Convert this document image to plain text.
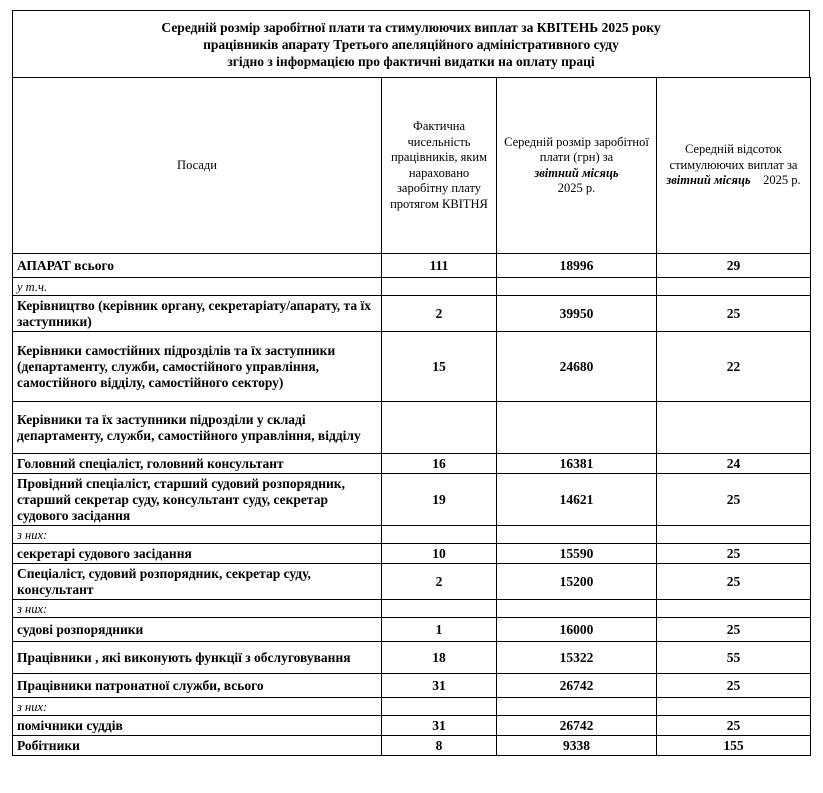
Середній розмір заробітної плати та стимулюючих виплат за КВІТЕНЬ 2025 року
працівників апарату Третього апеляційного адміністративного суду
згідно з інформацією про фактичні видатки на оплату праці
Посади	Фактична чисельність працівників, яким нараховано заробітну плату протягом КВІТНЯ	Середній розмір заробітної плати (грн) за
звітний місяць
2025 р.	Середній відсоток стимулюючих виплат за звітний місяць 2025 р.
АПАРАТ всього	111	18996	29
у т.ч.			
Керівництво (керівник органу, секретаріату/апарату, та їх заступники)	2	39950	25
Керівники самостійних підрозділів та їх заступники (департаменту, служби, самостійного управління, самостійного відділу, самостійного сектору)	15	24680	22
Керівники та їх заступники підрозділи у складі департаменту, служби, самостійного управління, відділу			
Головний спеціаліст, головний консультант	16	16381	24
Провідний спеціаліст, старший судовий розпорядник, старший секретар суду, консультант суду, секретар судового засідання	19	14621	25
з них:			
секретарі судового засідання	10	15590	25
Спеціаліст, судовий розпорядник, секретар суду, консультант	2	15200	25
з них:			
судові розпорядники	1	16000	25
Працівники , які виконують функції з обслуговування	18	15322	55
Працівники патронатної служби, всього	31	26742	25
з них:			
помічники суддів	31	26742	25
Робітники	8	9338	155
